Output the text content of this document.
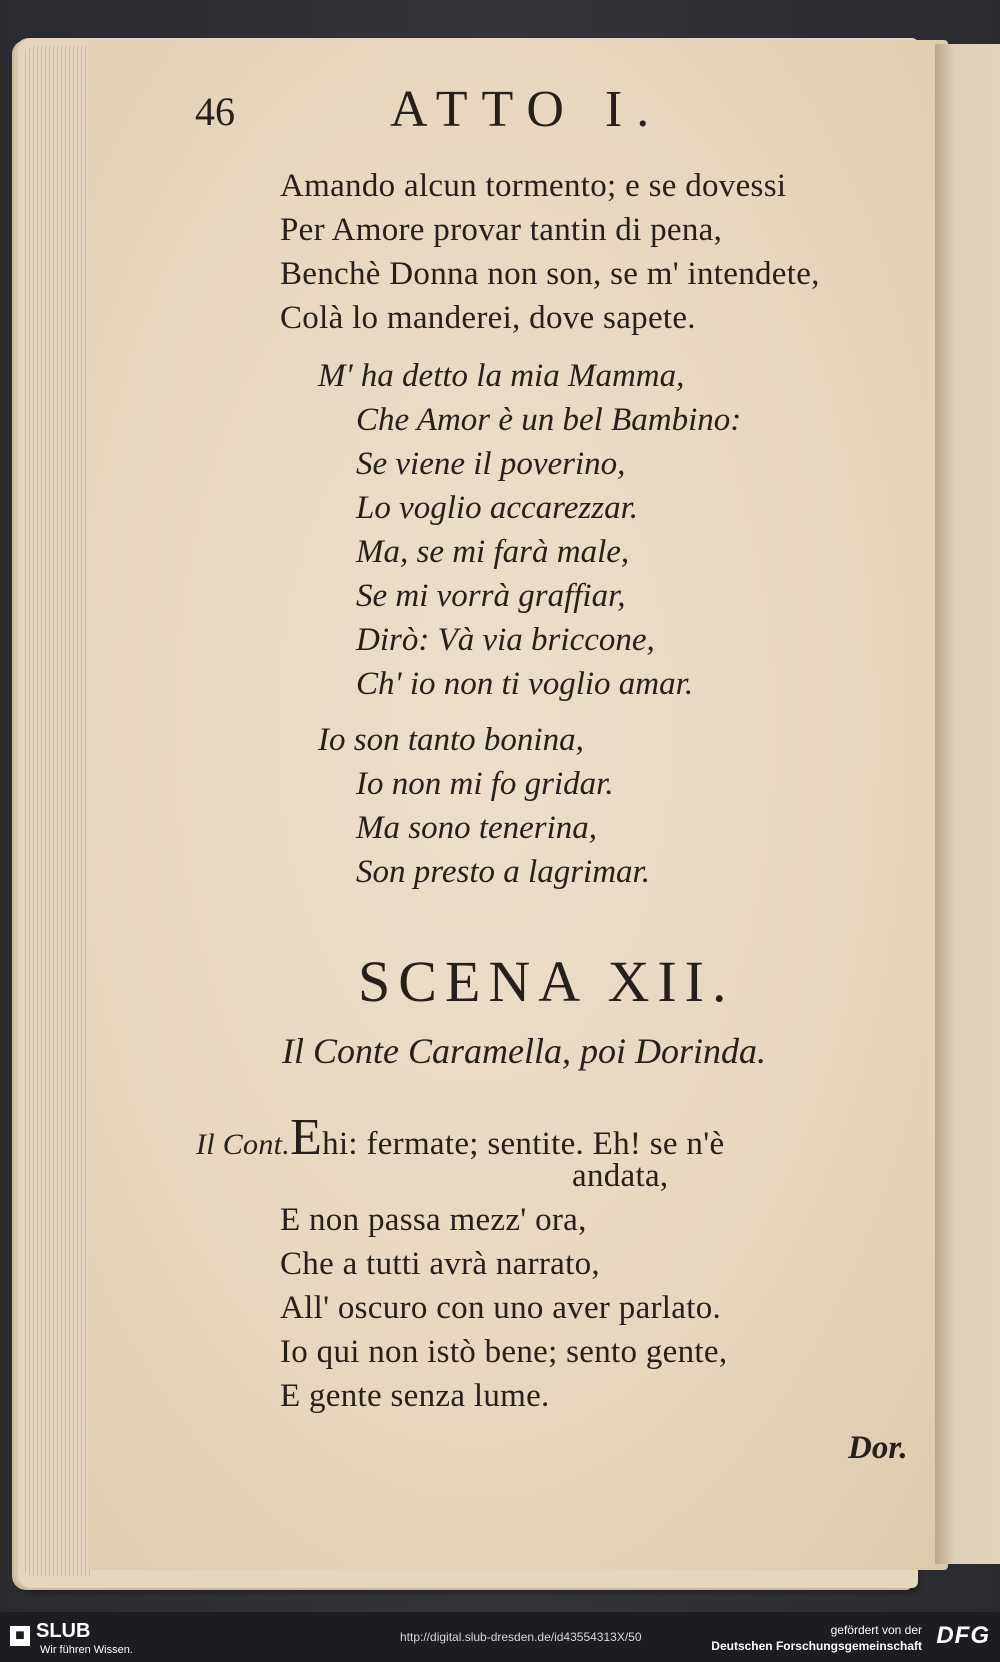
46	ATTO I.
Amando alcun tormento; e se dovessi
Per Amore provar tantin di pena,
Benchè Donna non son, se m' intendete,
Colà lo manderei, dove sapete.
M' ha detto la mia Mamma,
Che Amor è un bel Bambino:
Se viene il poverino,
Lo voglio accarezzar.
Ma, se mi farà male,
Se mi vorrà graffiar,
Dirò: Và via briccone,
Ch' io non ti voglio amar.
Io son tanto bonina,
Io non mi fo gridar.
Ma sono tenerina,
Son presto a lagrimar.
SCENA XII.
Il Conte Caramella, poi Dorinda.
Il Cont.Ehi: fermate; sentite. Eh! se n'è
andata,
E non passa mezz' ora,
Che a tutti avrà narrato,
All' oscuro con uno aver parlato.
Io qui non istò bene; sento gente,
E gente senza lume.
Dor.
■ SLUB
Wir führen Wissen.
http://digital.slub-dresden.de/id43554313X/50	gefördert von der
Deutschen Forschungsgemeinschaft DFG
